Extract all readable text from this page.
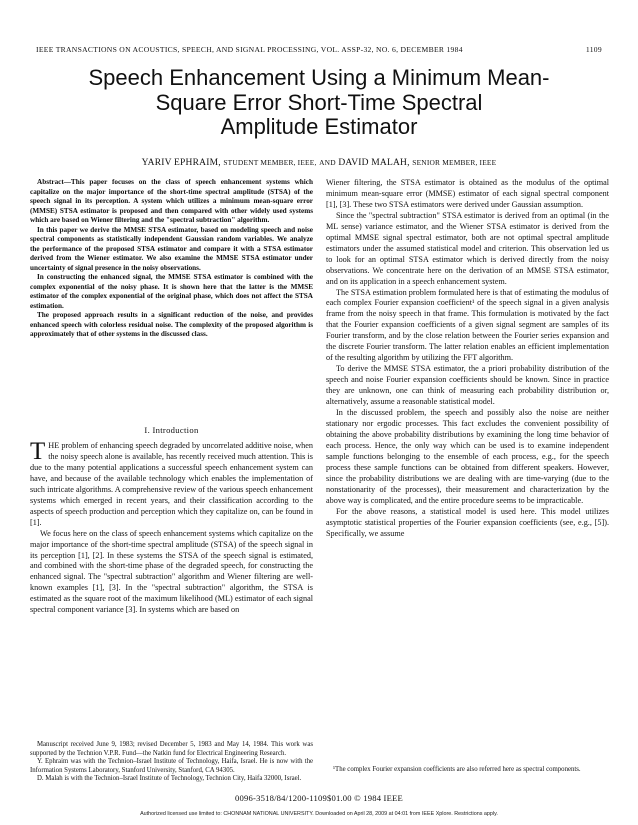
IEEE TRANSACTIONS ON ACOUSTICS, SPEECH, AND SIGNAL PROCESSING, VOL. ASSP-32, NO. 6, DECEMBER 1984	1109
Speech Enhancement Using a Minimum Mean-
Square Error Short-Time Spectral
Amplitude Estimator
YARIV EPHRAIM, STUDENT MEMBER, IEEE, AND DAVID MALAH, SENIOR MEMBER, IEEE

Abstract—This paper focuses on the class of speech enhancement systems which capitalize on the major importance of the short-time spectral amplitude (STSA) of the speech signal in its perception. A system which utilizes a minimum mean-square error (MMSE) STSA estimator is proposed and then compared with other widely used systems which are based on Wiener filtering and the "spectral subtraction" algorithm.

In this paper we derive the MMSE STSA estimator, based on modeling speech and noise spectral components as statistically independent Gaussian random variables. We analyze the performance of the proposed STSA estimator and compare it with a STSA estimator derived from the Wiener estimator. We also examine the MMSE STSA estimator under uncertainty of signal presence in the noisy observations.

In constructing the enhanced signal, the MMSE STSA estimator is combined with the complex exponential of the noisy phase. It is shown here that the latter is the MMSE estimator of the complex exponential of the original phase, which does not affect the STSA estimation.

The proposed approach results in a significant reduction of the noise, and provides enhanced speech with colorless residual noise. The complexity of the proposed algorithm is approximately that of other systems in the discussed class.

I. Introduction

THE problem of enhancing speech degraded by uncorrelated additive noise, when the noisy speech alone is available, has recently received much attention. This is due to the many potential applications a successful speech enhancement system can have, and because of the available technology which enables the implementation of such intricate algorithms. A comprehensive review of the various speech enhancement systems which emerged in recent years, and their classification according to the aspects of speech production and perception which they capitalize on, can be found in [1].

We focus here on the class of speech enhancement systems which capitalize on the major importance of the short-time spectral amplitude (STSA) of the speech signal in its perception [1], [2]. In these systems the STSA of the speech signal is estimated, and combined with the short-time phase of the degraded speech, for constructing the enhanced signal. The "spectral subtraction" algorithm and Wiener filtering are well-known examples [1], [3]. In the "spectral subtraction" algorithm, the STSA is estimated as the square root of the maximum likelihood (ML) estimator of each signal spectral component variance [3]. In systems which are based on

Manuscript received June 9, 1983; revised December 5, 1983 and May 14, 1984. This work was supported by the Technion V.P.R. Fund—the Natkin fund for Electrical Engineering Research.

Y. Ephraim was with the Technion–Israel Institute of Technology, Haifa, Israel. He is now with the Information Systems Laboratory, Stanford University, Stanford, CA 94305.

D. Malah is with the Technion–Israel Institute of Technology, Technion City, Haifa 32000, Israel.

Wiener filtering, the STSA estimator is obtained as the modulus of the optimal minimum mean-square error (MMSE) estimator of each signal spectral component [1], [3]. These two STSA estimators were derived under Gaussian assumption.

Since the "spectral subtraction" STSA estimator is derived from an optimal (in the ML sense) variance estimator, and the Wiener STSA estimator is derived from the optimal MMSE signal spectral estimator, both are not optimal spectral amplitude estimators under the assumed statistical model and criterion. This observation led us to look for an optimal STSA estimator which is derived directly from the noisy observations. We concentrate here on the derivation of an MMSE STSA estimator, and on its application in a speech enhancement system.

The STSA estimation problem formulated here is that of estimating the modulus of each complex Fourier expansion coefficient¹ of the speech signal in a given analysis frame from the noisy speech in that frame. This formulation is motivated by the fact that the Fourier expansion coefficients of a given signal segment are samples of its Fourier transform, and by the close relation between the Fourier series expansion and the discrete Fourier transform. The latter relation enables an efficient implementation of the resulting algorithm by utilizing the FFT algorithm.

To derive the MMSE STSA estimator, the a priori probability distribution of the speech and noise Fourier expansion coefficients should be known. Since in practice they are unknown, one can think of measuring each probability distribution or, alternatively, assume a reasonable statistical model.

In the discussed problem, the speech and possibly also the noise are neither stationary nor ergodic processes. This fact excludes the convenient possibility of obtaining the above probability distributions by examining the long time behavior of each process. Hence, the only way which can be used is to examine independent sample functions belonging to the ensemble of each process, e.g., for the speech process these sample functions can be obtained from different speakers. However, since the probability distributions we are dealing with are time-varying (due to the nonstationarity of the processes), their measurement and characterization by the above way is complicated, and the entire procedure seems to be impracticable.

For the above reasons, a statistical model is used here. This model utilizes asymptotic statistical properties of the Fourier expansion coefficients (see, e.g., [5]). Specifically, we assume

¹The complex Fourier expansion coefficients are also referred here as spectral components.

0096-3518/84/1200-1109$01.00 © 1984 IEEE
Authorized licensed use limited to: CHONNAM NATIONAL UNIVERSITY. Downloaded on April 28, 2009 at 04:01 from IEEE Xplore. Restrictions apply.
